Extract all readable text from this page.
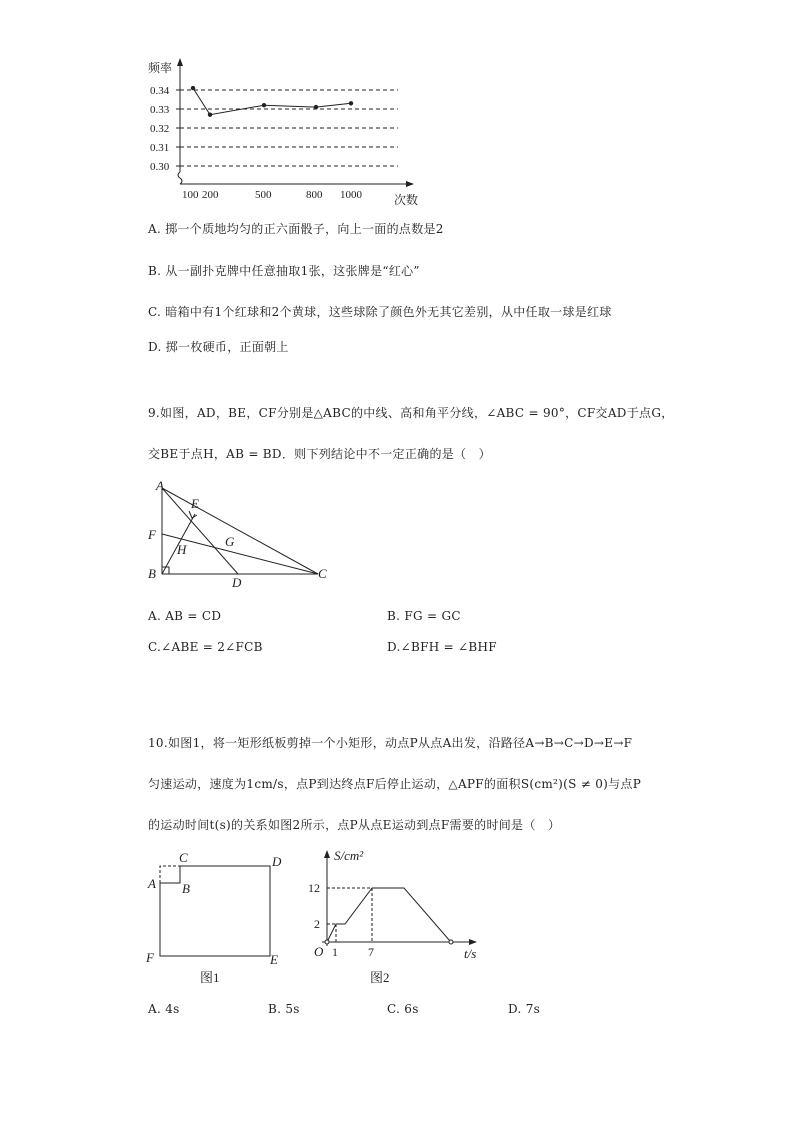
频率
0.34
0.33
0.32
0.31
0.30
100 200	500	800 1000	次数
A. 掷一个质地均匀的正六面骰子，向上一面的点数是2
B. 从一副扑克牌中任意抽取1张，这张牌是“红心”
C. 暗箱中有1个红球和2个黄球，这些球除了颜色外无其它差别，从中任取一球是红球
D. 掷一枚硬币，正面朝上
9.如图，AD，BE，CF分别是△ABC的中线、高和角平分线，∠ABC = 90°，CF交AD于点G，
交BE于点H，AB = BD．则下列结论中不一定正确的是（　）
A
E
F
H
G
B
D
C
A. AB = CD	B. FG = GC
C.∠ABE = 2∠FCB	D.∠BFH = ∠BHF
10.如图1，将一矩形纸板剪掉一个小矩形，动点P从点A出发，沿路径A→B→C→D→E→F
匀速运动，速度为1cm/s，点P到达终点F后停止运动，△APF的面积S(cm²)(S ≠ 0)与点P
的运动时间t(s)的关系如图2所示，点P从点E运动到点F需要的时间是（　）
C	D
A B
F	E
图1
S/cm²
12
2
O 1	7	t/s
图2
A. 4s	B. 5s	C. 6s	D. 7s
